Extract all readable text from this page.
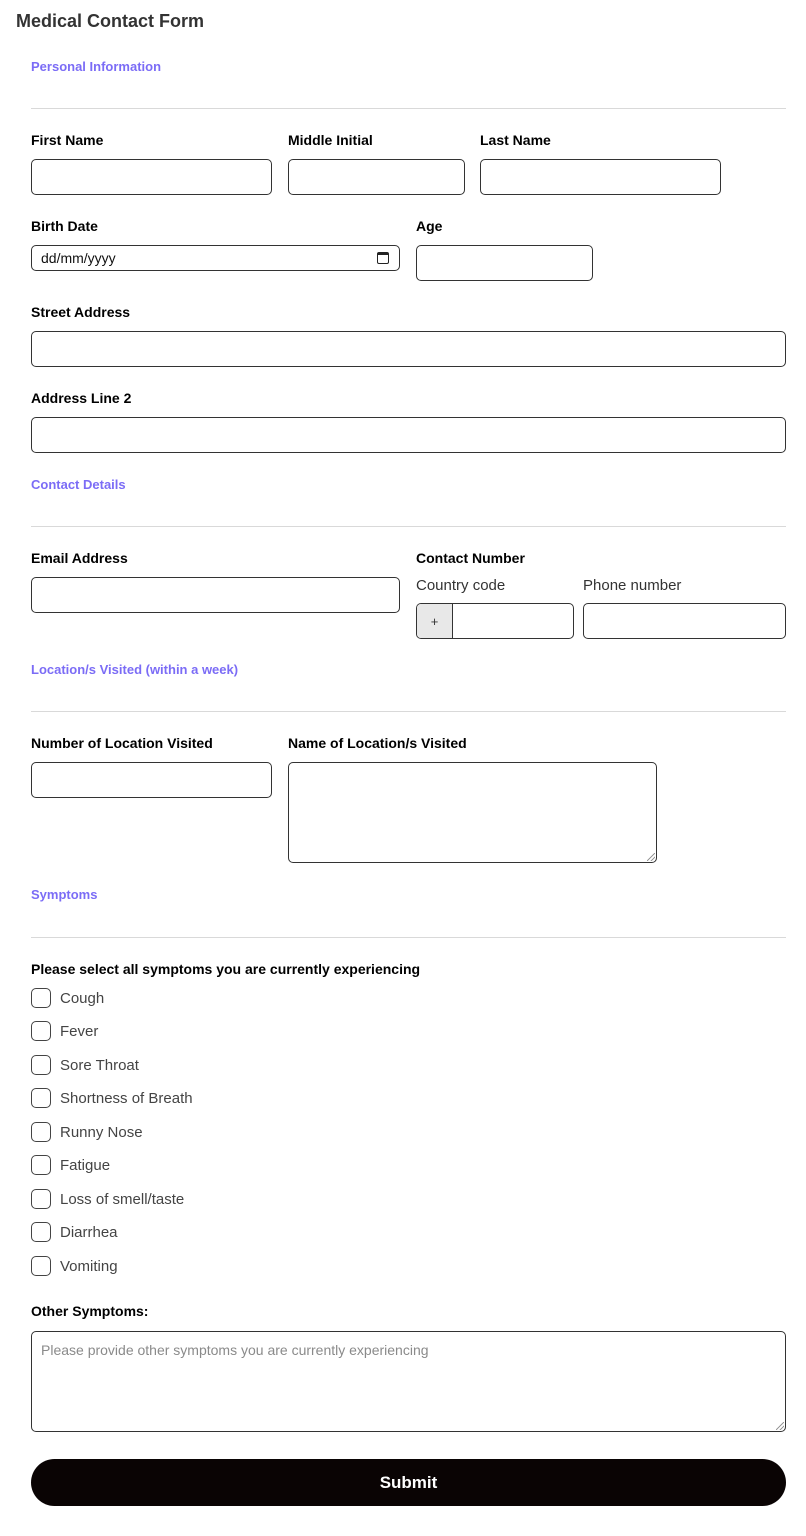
Medical Contact Form
Personal Information
First Name	Middle Initial	Last Name
Birth Date
dd/mm/yyyy
Age
Street Address
Address Line 2
Contact Details
Email Address	Contact Number
Country code
+
Phone number
Location/s Visited (within a week)
Number of Location Visited	Name of Location/s Visited
Symptoms
Please select all symptoms you are currently experiencing
Cough
Fever
Sore Throat
Shortness of Breath
Runny Nose
Fatigue
Loss of smell/taste
Diarrhea
Vomiting
Other Symptoms:
Please provide other symptoms you are currently experiencing
Submit
